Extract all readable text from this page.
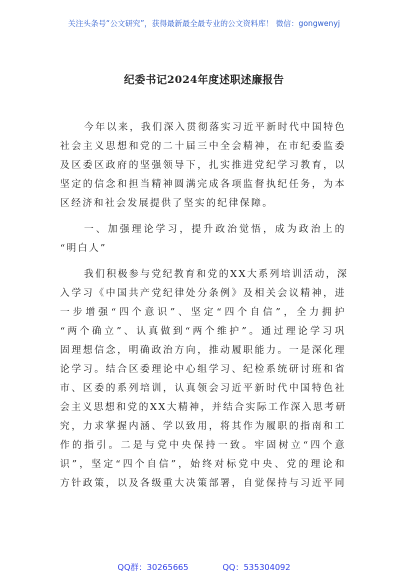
关注头条号“公文研究”，获得最新最全最专业的公文资料库！ 微信：gongwenyj
纪委书记2024年度述职述廉报告
今年以来，我们深入贯彻落实习近平新时代中国特色
社会主义思想和党的二十届三中全会精神，在市纪委监委
及区委区政府的坚强领导下，扎实推进党纪学习教育，以
坚定的信念和担当精神圆满完成各项监督执纪任务，为本
区经济和社会发展提供了坚实的纪律保障。
一、加强理论学习，提升政治觉悟，成为政治上的
“明白人”
我们积极参与党纪教育和党的XX大系列培训活动，深
入学习《中国共产党纪律处分条例》及相关会议精神，进
一步增强“四个意识”、坚定“四个自信”，全力拥护
“两个确立”、认真做到“两个维护”。通过理论学习巩
固理想信念，明确政治方向，推动履职能力。一是深化理
论学习。结合区委理论中心组学习、纪检系统研讨班和省
市、区委的系列培训，认真领会习近平新时代中国特色社
会主义思想和党的XX大精神，并结合实际工作深入思考研
究，力求掌握内涵、学以致用，将其作为履职的指南和工
作的指引。二是与党中央保持一致。牢固树立“四个意
识”，坚定“四个自信”，始终对标党中央、党的理论和
方针政策，以及各级重大决策部署，自觉保持与习近平同
QQ群：30265665	QQ：535304092
